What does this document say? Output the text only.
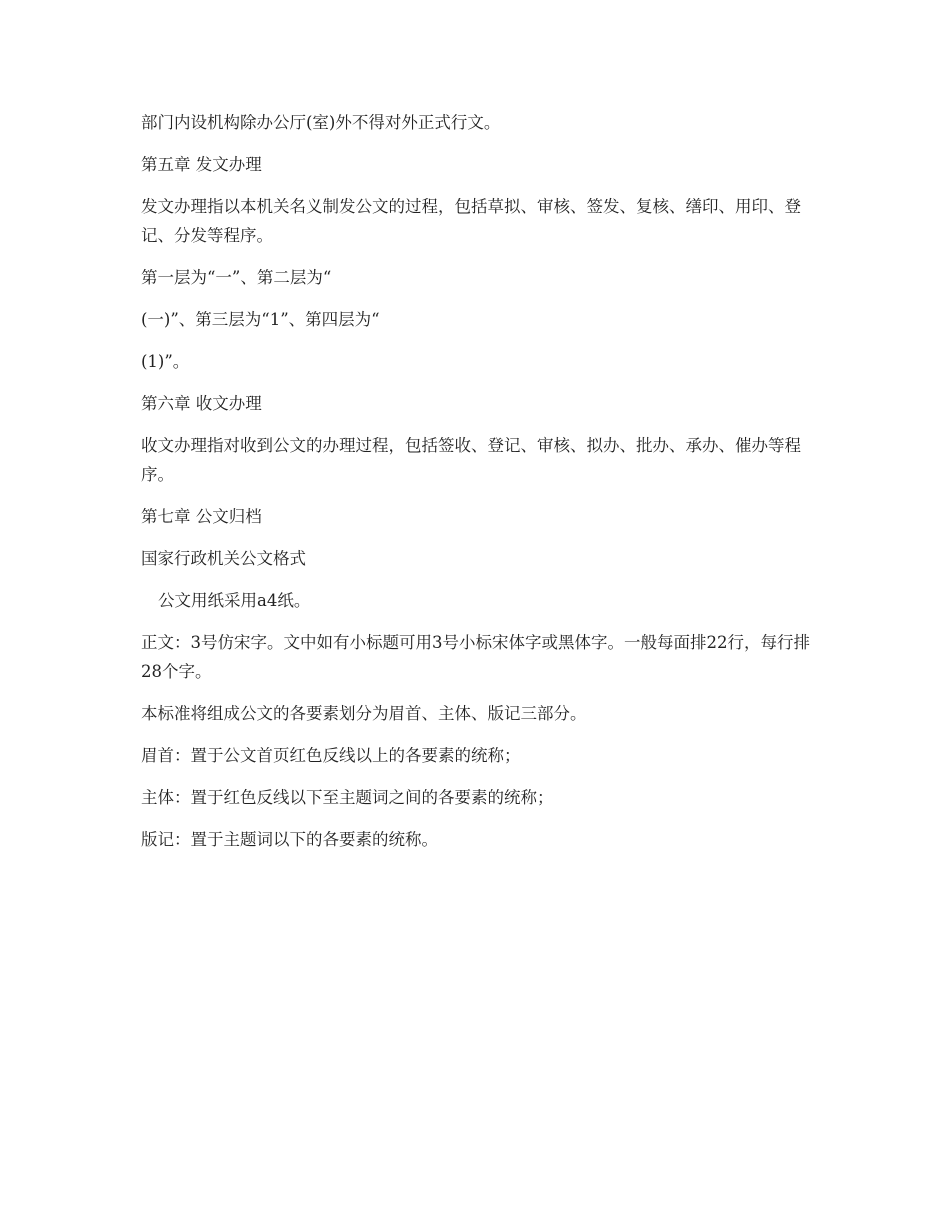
部门内设机构除办公厅(室)外不得对外正式行文。

第五章 发文办理

发文办理指以本机关名义制发公文的过程，包括草拟、审核、签发、复核、缮印、用印、登记、分发等程序。

第一层为“一”、第二层为“

(一)”、第三层为“1”、第四层为“

(1)”。

第六章 收文办理

收文办理指对收到公文的办理过程，包括签收、登记、审核、拟办、批办、承办、催办等程序。

第七章 公文归档

国家行政机关公文格式

公文用纸采用a4纸。

正文：3号仿宋字。文中如有小标题可用3号小标宋体字或黑体字。一般每面排22行，每行排28个字。

本标准将组成公文的各要素划分为眉首、主体、版记三部分。

眉首：置于公文首页红色反线以上的各要素的统称；

主体：置于红色反线以下至主题词之间的各要素的统称；

版记：置于主题词以下的各要素的统称。
